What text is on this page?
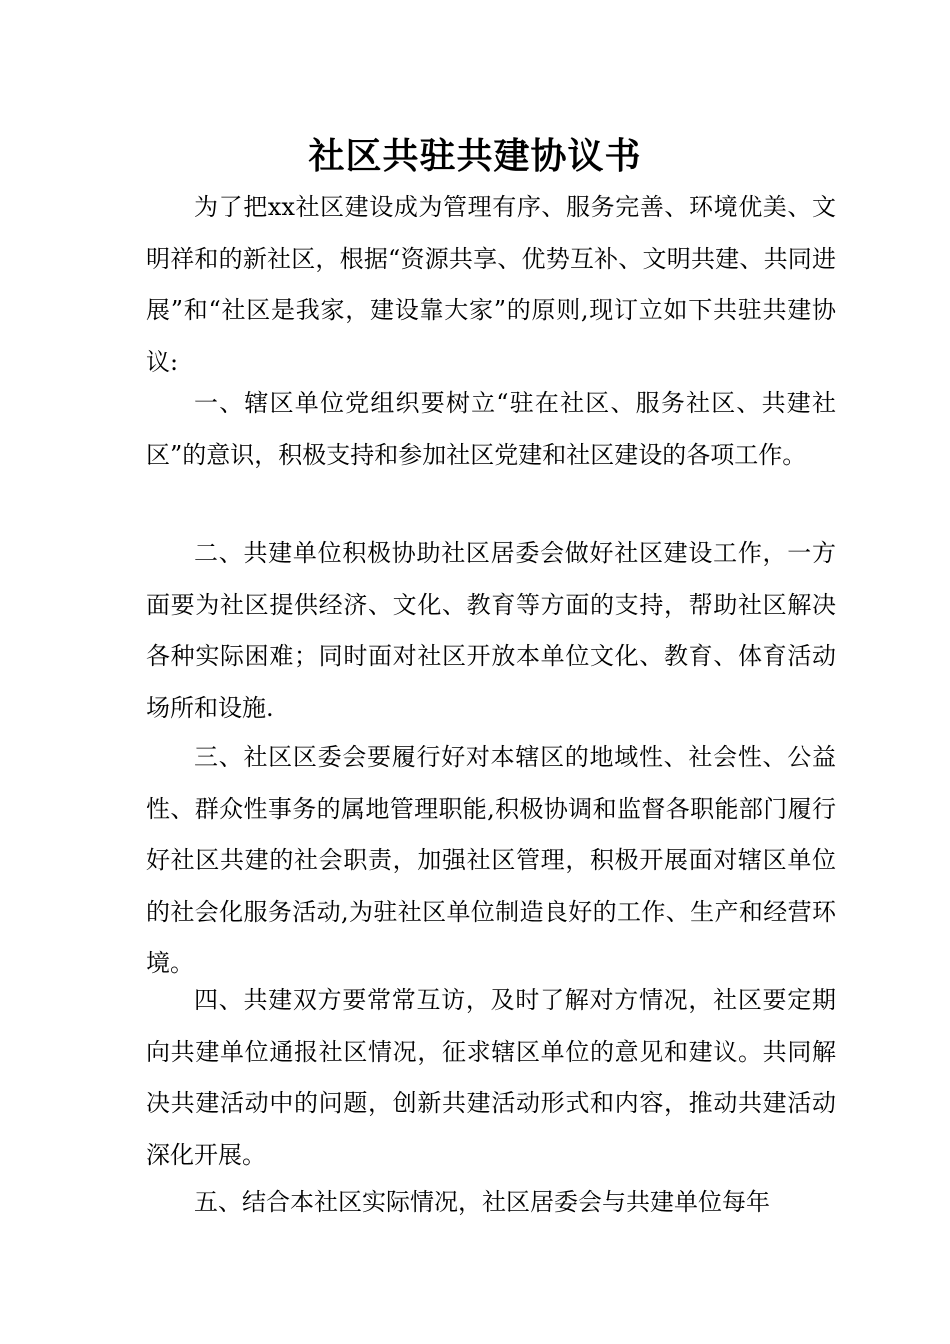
社区共驻共建协议书

为了把xx社区建设成为管理有序、服务完善、环境优美、文明祥和的新社区，根据“资源共享、优势互补、文明共建、共同进展”和“社区是我家，建设靠大家”的原则,现订立如下共驻共建协议:

一、辖区单位党组织要树立“驻在社区、服务社区、共建社区”的意识，积极支持和参加社区党建和社区建设的各项工作。

二、共建单位积极协助社区居委会做好社区建设工作，一方面要为社区提供经济、文化、教育等方面的支持，帮助社区解决各种实际困难；同时面对社区开放本单位文化、教育、体育活动场所和设施.

三、社区区委会要履行好对本辖区的地域性、社会性、公益性、群众性事务的属地管理职能,积极协调和监督各职能部门履行好社区共建的社会职责，加强社区管理，积极开展面对辖区单位的社会化服务活动,为驻社区单位制造良好的工作、生产和经营环境。

四、共建双方要常常互访，及时了解对方情况，社区要定期向共建单位通报社区情况，征求辖区单位的意见和建议。共同解决共建活动中的问题，创新共建活动形式和内容，推动共建活动深化开展。

五、结合本社区实际情况，社区居委会与共建单位每年
